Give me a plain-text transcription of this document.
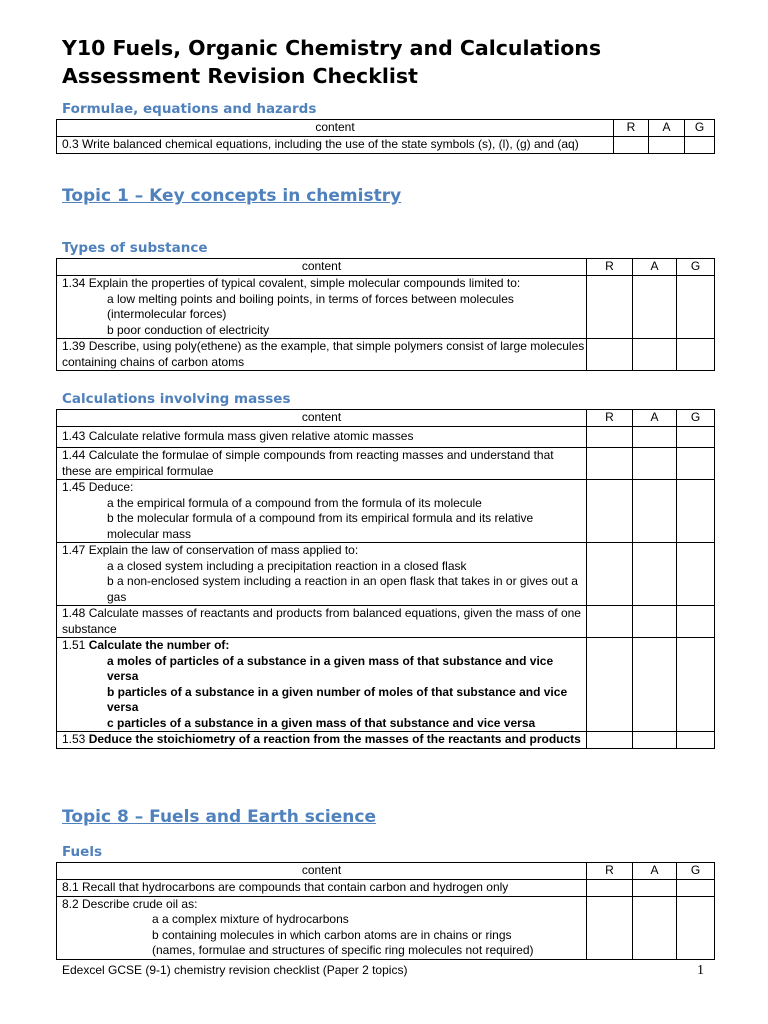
Y10 Fuels, Organic Chemistry and Calculations
Assessment Revision Checklist
Formulae, equations and hazards
content	R	A	G
0.3 Write balanced chemical equations, including the use of the state symbols (s), (l), (g) and (aq)			
Topic 1 – Key concepts in chemistry
Types of substance
content	R	A	G

1.34 Explain the properties of typical covalent, simple molecular compounds limited to:
a low melting points and boiling points, in terms of forces between molecules (intermolecular forces)
b poor conduction of electricity			

1.39 Describe, using poly(ethene) as the example, that simple polymers consist of large molecules containing chains of carbon atoms			
Calculations involving masses
content	R	A	G
1.43 Calculate relative formula mass given relative atomic masses			
1.44 Calculate the formulae of simple compounds from reacting masses and understand that these are empirical formulae			

1.45 Deduce:
a the empirical formula of a compound from the formula of its molecule
b the molecular formula of a compound from its empirical formula and its relative molecular mass			

1.47 Explain the law of conservation of mass applied to:
a a closed system including a precipitation reaction in a closed flask
b a non-enclosed system including a reaction in an open flask that takes in or gives out a gas			

1.48 Calculate masses of reactants and products from balanced equations, given the mass of one substance			

1.51 Calculate the number of:
a moles of particles of a substance in a given mass of that substance and vice versa
b particles of a substance in a given number of moles of that substance and vice versa
c particles of a substance in a given mass of that substance and vice versa			

1.53 Deduce the stoichiometry of a reaction from the masses of the reactants and products			
Topic 8 – Fuels and Earth science
Fuels
content	R	A	G
8.1 Recall that hydrocarbons are compounds that contain carbon and hydrogen only			

8.2 Describe crude oil as:
a a complex mixture of hydrocarbons
b containing molecules in which carbon atoms are in chains or rings
(names, formulae and structures of specific ring molecules not required)			

Edexcel GCSE (9-1) chemistry revision checklist (Paper 2 topics)	1
